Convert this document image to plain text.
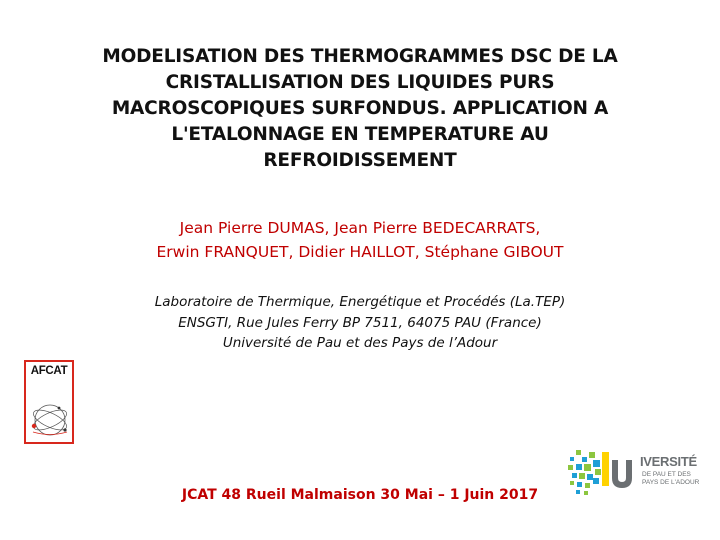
MODELISATION DES THERMOGRAMMES DSC DE LA
CRISTALLISATION DES LIQUIDES PURS
MACROSCOPIQUES SURFONDUS. APPLICATION A
L'ETALONNAGE EN TEMPERATURE AU
REFROIDISSEMENT
Jean Pierre DUMAS, Jean Pierre BEDECARRATS,
Erwin FRANQUET, Didier HAILLOT, Stéphane GIBOUT
Laboratoire de Thermique, Energétique et Procédés (La.TEP)
ENSGTI, Rue Jules Ferry BP 7511, 64075 PAU (France)
Université de Pau et des Pays de l’Adour
AFCAT
JCAT 48 Rueil Malmaison 30 Mai – 1 Juin 2017
IVERSITÉ
DE PAU ET DES
PAYS DE L'ADOUR
